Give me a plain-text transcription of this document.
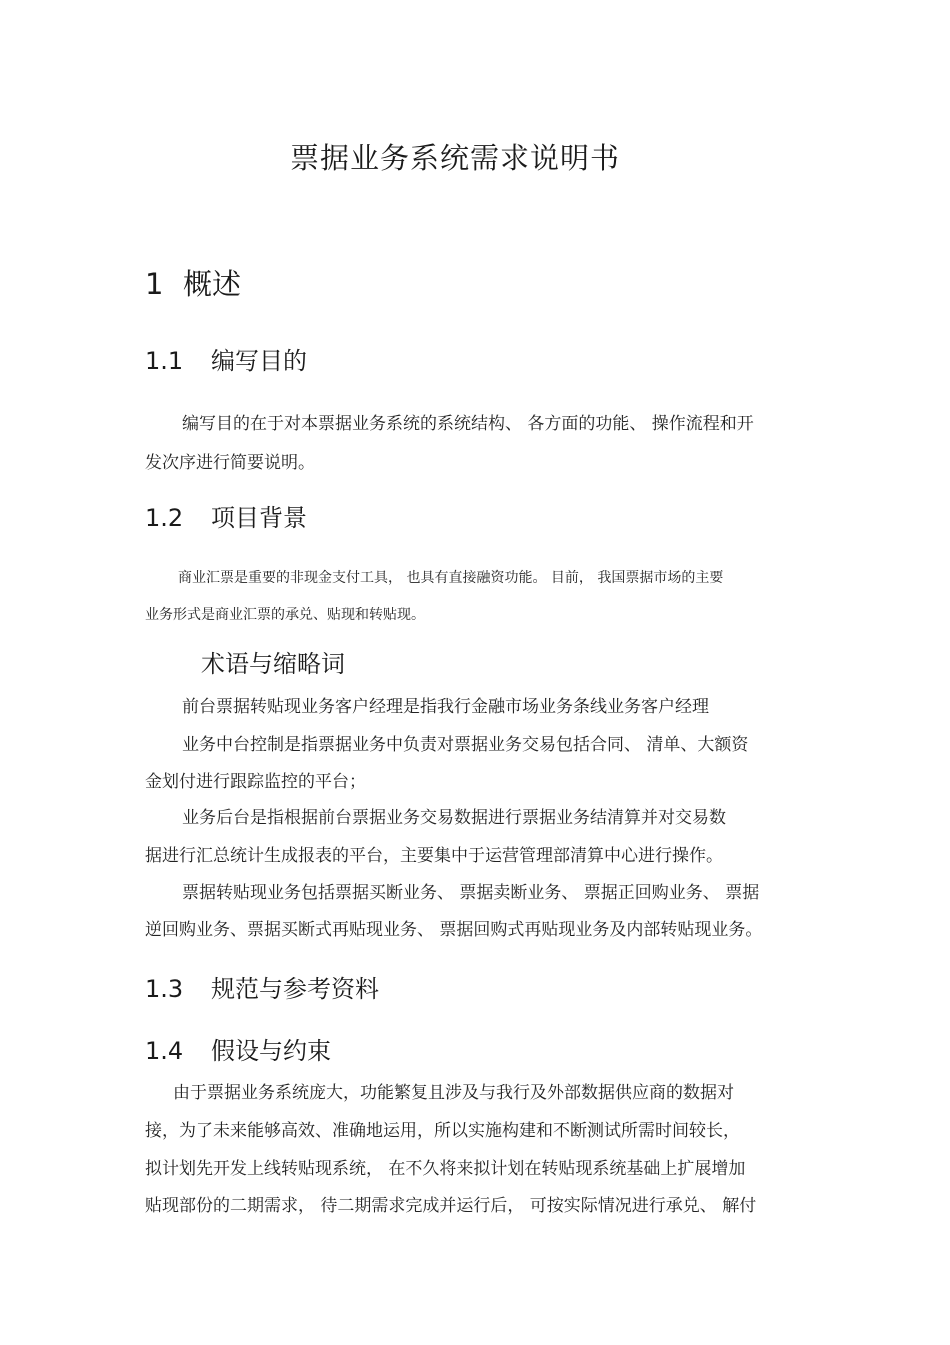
票据业务系统需求说明书
1 概述
1.1 编写目的
编写目的在于对本票据业务系统的系统结构、 各方面的功能、 操作流程和开
发次序进行简要说明。
1.2 项目背景
商业汇票是重要的非现金支付工具， 也具有直接融资功能。 目前， 我国票据市场的主要
业务形式是商业汇票的承兑、贴现和转贴现。
术语与缩略词
前台票据转贴现业务客户经理是指我行金融市场业务条线业务客户经理
业务中台控制是指票据业务中负责对票据业务交易包括合同、 清单、大额资
金划付进行跟踪监控的平台；
业务后台是指根据前台票据业务交易数据进行票据业务结清算并对交易数
据进行汇总统计生成报表的平台，主要集中于运营管理部清算中心进行操作。
票据转贴现业务包括票据买断业务、 票据卖断业务、 票据正回购业务、 票据
逆回购业务、票据买断式再贴现业务、 票据回购式再贴现业务及内部转贴现业务。
1.3 规范与参考资料
1.4 假设与约束
由于票据业务系统庞大，功能繁复且涉及与我行及外部数据供应商的数据对
接，为了未来能够高效、准确地运用，所以实施构建和不断测试所需时间较长，
拟计划先开发上线转贴现系统， 在不久将来拟计划在转贴现系统基础上扩展增加
贴现部份的二期需求， 待二期需求完成并运行后， 可按实际情况进行承兑、 解付
